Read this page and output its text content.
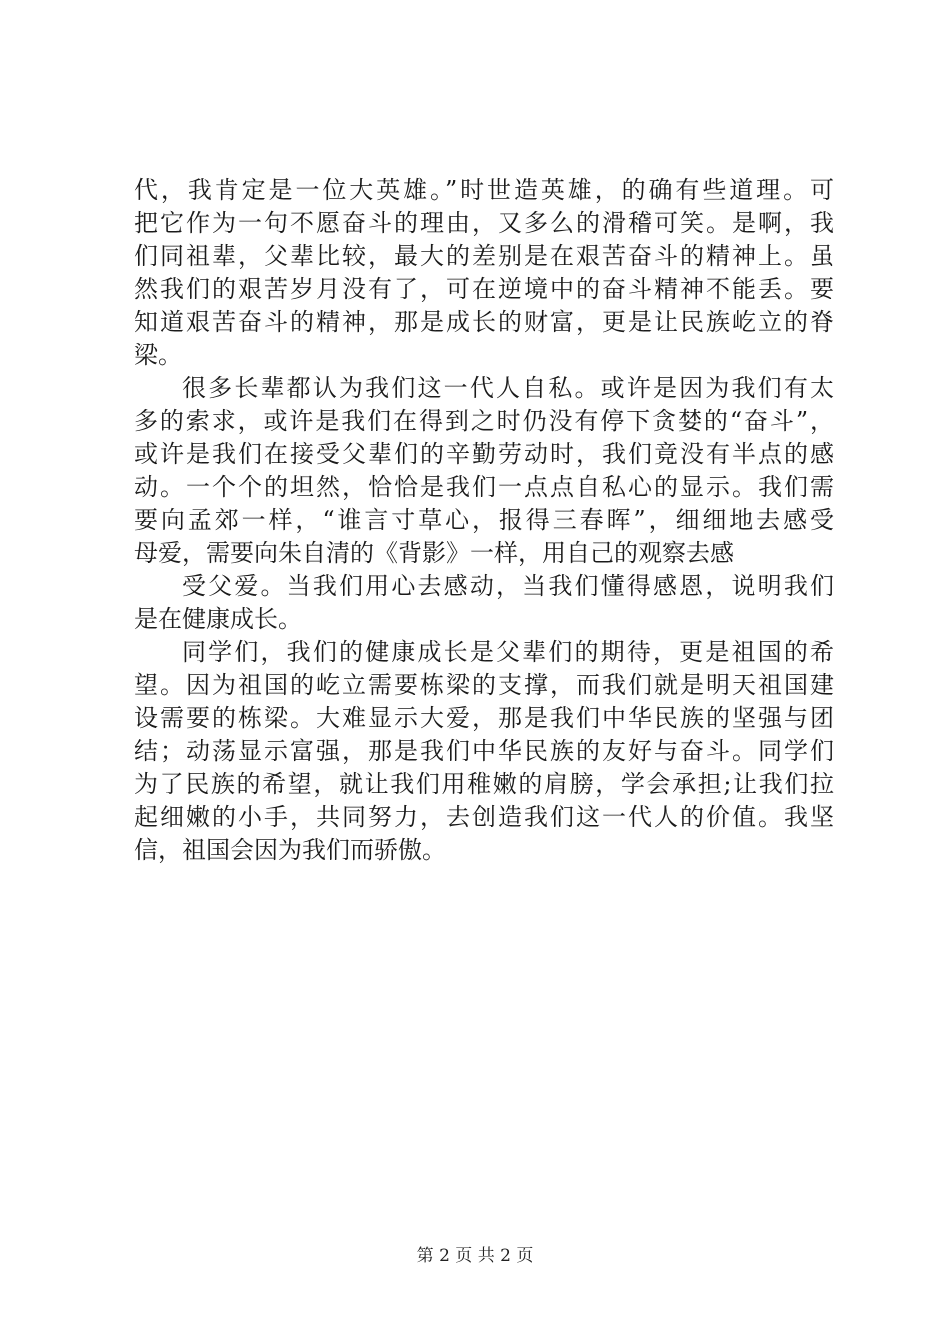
代，我肯定是一位大英雄。”时世造英雄，的确有些道理。可
把它作为一句不愿奋斗的理由，又多么的滑稽可笑。是啊，我
们同祖辈，父辈比较，最大的差别是在艰苦奋斗的精神上。虽
然我们的艰苦岁月没有了，可在逆境中的奋斗精神不能丢。要
知道艰苦奋斗的精神，那是成长的财富，更是让民族屹立的脊
梁。
很多长辈都认为我们这一代人自私。或许是因为我们有太
多的索求，或许是我们在得到之时仍没有停下贪婪的“奋斗”，
或许是我们在接受父辈们的辛勤劳动时，我们竟没有半点的感
动。一个个的坦然，恰恰是我们一点点自私心的显示。我们需
要向孟郊一样，“谁言寸草心，报得三春晖”，细细地去感受
母爱，需要向朱自清的《背影》一样，用自己的观察去感
受父爱。当我们用心去感动，当我们懂得感恩，说明我们
是在健康成长。
同学们，我们的健康成长是父辈们的期待，更是祖国的希
望。因为祖国的屹立需要栋梁的支撑，而我们就是明天祖国建
设需要的栋梁。大难显示大爱，那是我们中华民族的坚强与团
结；动荡显示富强，那是我们中华民族的友好与奋斗。同学们
为了民族的希望，就让我们用稚嫩的肩膀，学会承担;让我们拉
起细嫩的小手，共同努力，去创造我们这一代人的价值。我坚
信，祖国会因为我们而骄傲。
第 2 页 共 2 页
